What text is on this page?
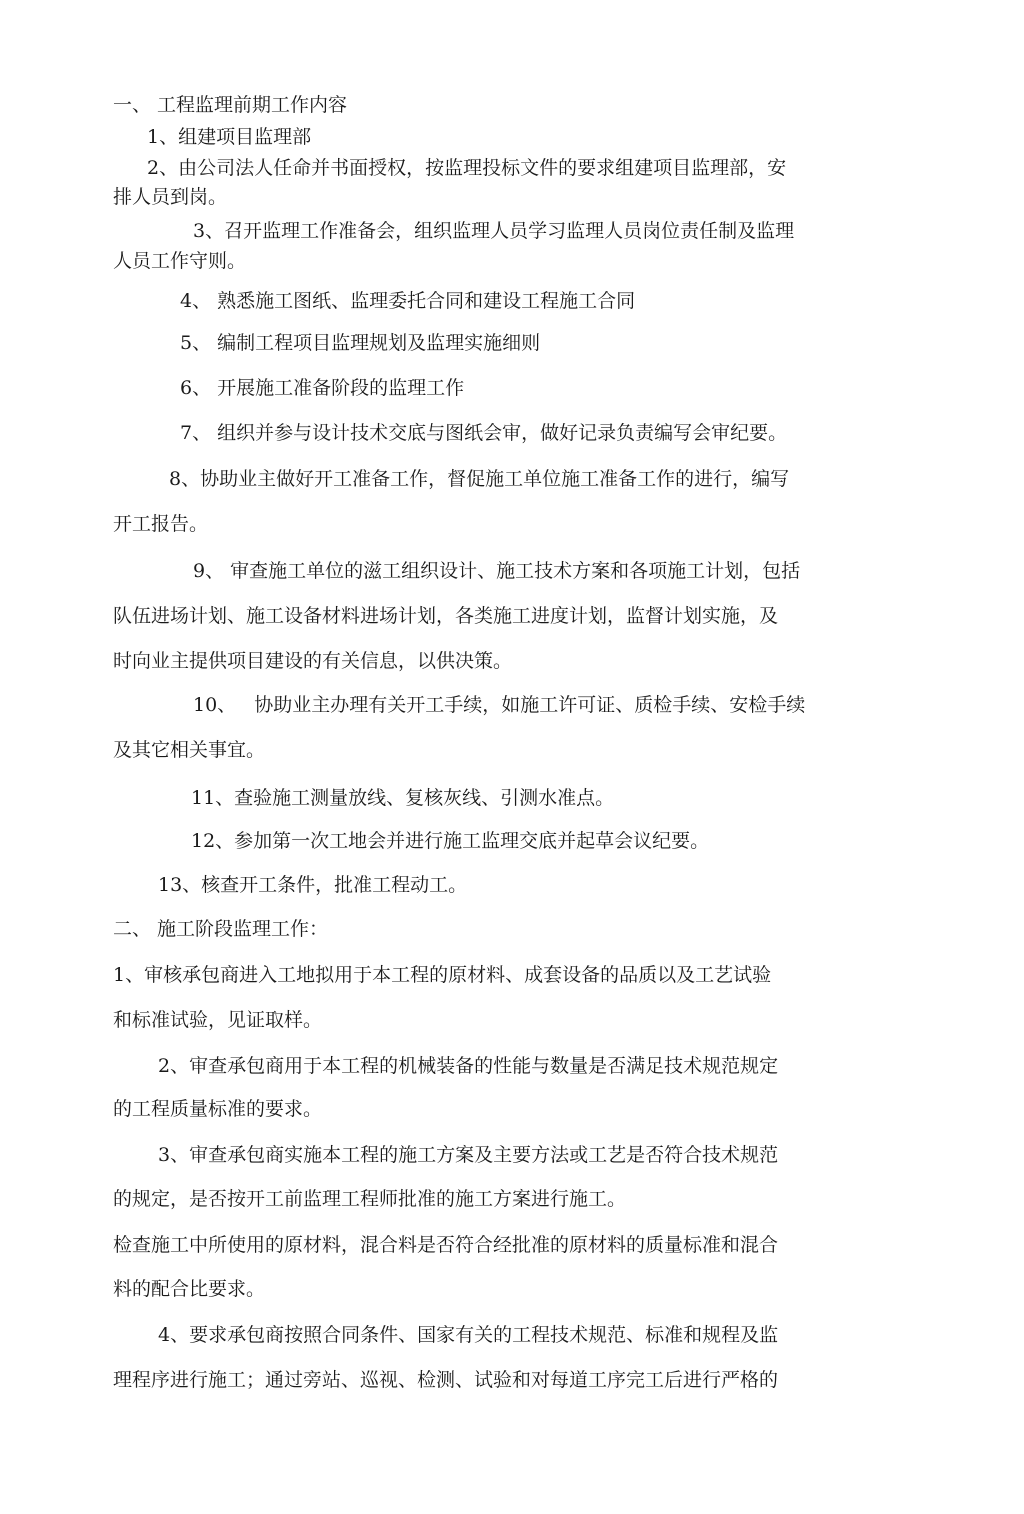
一、 工程监理前期工作内容

1、组建项目监理部

2、由公司法人任命并书面授权，按监理投标文件的要求组建项目监理部，安

排人员到岗。

3、召开监理工作准备会，组织监理人员学习监理人员岗位责任制及监理

人员工作守则。

4、 熟悉施工图纸、监理委托合同和建设工程施工合同

5、 编制工程项目监理规划及监理实施细则

6、 开展施工准备阶段的监理工作

7、 组织并参与设计技术交底与图纸会审，做好记录负责编写会审纪要。

8、协助业主做好开工准备工作，督促施工单位施工准备工作的进行，编写

开工报告。

9、 审查施工单位的滋工组织设计、施工技术方案和各项施工计划，包括

队伍进场计划、施工设备材料进场计划，各类施工进度计划，监督计划实施，及

时向业主提供项目建设的有关信息，以供决策。

10、   协助业主办理有关开工手续，如施工许可证、质检手续、安检手续

及其它相关事宜。

11、查验施工测量放线、复核灰线、引测水准点。

12、参加第一次工地会并进行施工监理交底并起草会议纪要。

13、核查开工条件，批准工程动工。

二、 施工阶段监理工作：

1、审核承包商进入工地拟用于本工程的原材料、成套设备的品质以及工艺试验

和标准试验，见证取样。

2、审查承包商用于本工程的机械装备的性能与数量是否满足技术规范规定

的工程质量标准的要求。

3、审查承包商实施本工程的施工方案及主要方法或工艺是否符合技术规范

的规定，是否按开工前监理工程师批准的施工方案进行施工。

检查施工中所使用的原材料，混合料是否符合经批准的原材料的质量标准和混合

料的配合比要求。

4、要求承包商按照合同条件、国家有关的工程技术规范、标准和规程及监

理程序进行施工；通过旁站、巡视、检测、试验和对每道工序完工后进行严格的
